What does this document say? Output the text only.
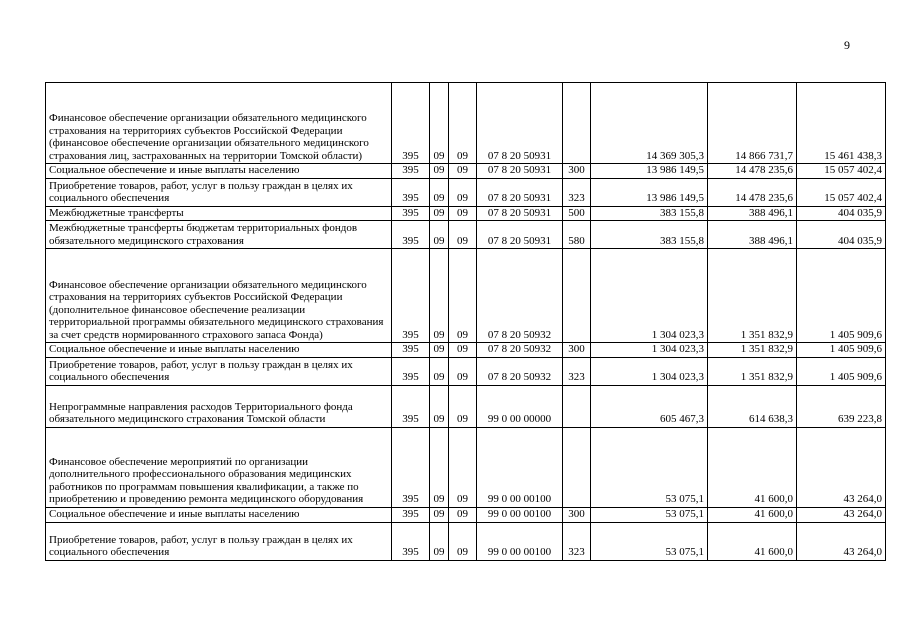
9
Финансовое обеспечение организации обязательного медицинского страхования на территориях субъектов Российской Федерации (финансовое обеспечение организации обязательного медицинского страхования лиц, застрахованных на территории Томской области)	395	09	09	07 8 20 50931		14 369 305,3	14 866 731,7	15 461 438,3
Социальное обеспечение и иные выплаты населению	395	09	09	07 8 20 50931	300	13 986 149,5	14 478 235,6	15 057 402,4
Приобретение товаров, работ, услуг в пользу граждан в целях их социального обеспечения	395	09	09	07 8 20 50931	323	13 986 149,5	14 478 235,6	15 057 402,4
Межбюджетные трансферты	395	09	09	07 8 20 50931	500	383 155,8	388 496,1	404 035,9
Межбюджетные трансферты бюджетам территориальных фондов обязательного медицинского страхования	395	09	09	07 8 20 50931	580	383 155,8	388 496,1	404 035,9
Финансовое обеспечение организации обязательного медицинского страхования на территориях субъектов Российской Федерации (дополнительное финансовое обеспечение реализации территориальной программы обязательного медицинского страхования за счет средств нормированного страхового запаса Фонда)	395	09	09	07 8 20 50932		1 304 023,3	1 351 832,9	1 405 909,6
Социальное обеспечение и иные выплаты населению	395	09	09	07 8 20 50932	300	1 304 023,3	1 351 832,9	1 405 909,6
Приобретение товаров, работ, услуг в пользу граждан в целях их социального обеспечения	395	09	09	07 8 20 50932	323	1 304 023,3	1 351 832,9	1 405 909,6
Непрограммные направления расходов Территориального фонда обязательного медицинского страхования Томской области	395	09	09	99 0 00 00000		605 467,3	614 638,3	639 223,8
Финансовое обеспечение мероприятий по организации дополнительного профессионального образования медицинских работников по программам повышения квалификации, а также по приобретению и проведению ремонта медицинского оборудования	395	09	09	99 0 00 00100		53 075,1	41 600,0	43 264,0
Социальное обеспечение и иные выплаты населению	395	09	09	99 0 00 00100	300	53 075,1	41 600,0	43 264,0
Приобретение товаров, работ, услуг в пользу граждан в целях их социального обеспечения	395	09	09	99 0 00 00100	323	53 075,1	41 600,0	43 264,0
